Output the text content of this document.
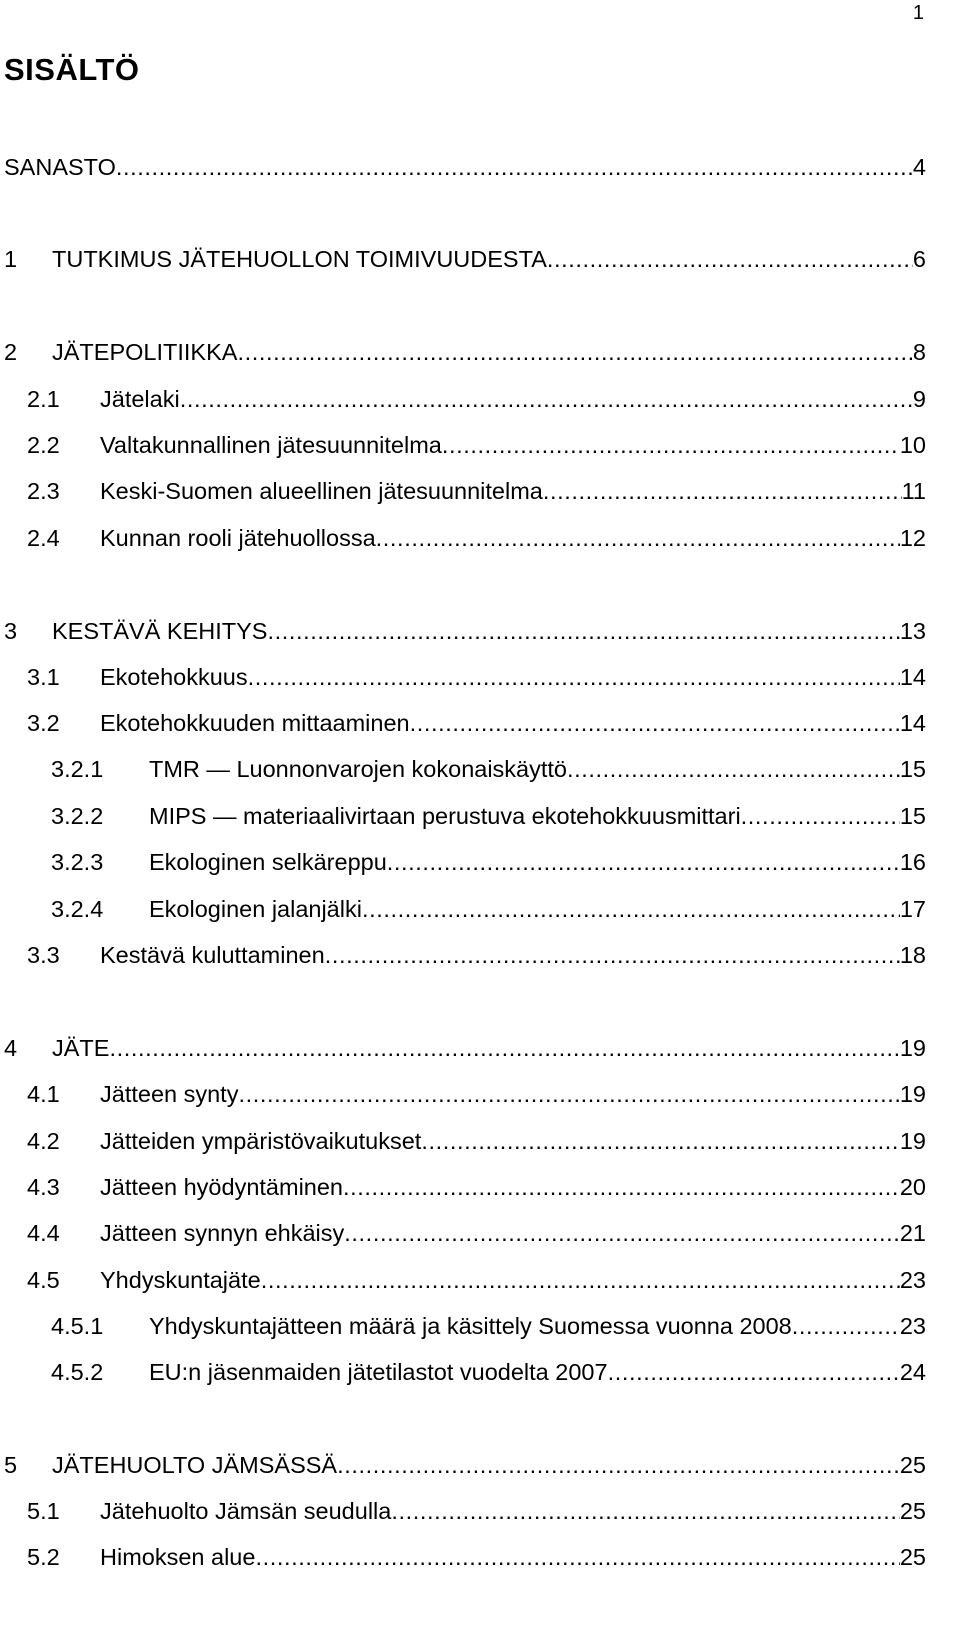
1
SISÄLTÖ
SANASTO .....	4
1 TUTKIMUS JÄTEHUOLLON TOIMIVUUDESTA .....	6
2 JÄTEPOLITIIKKA .....	8
2.1 Jätelaki .....	9
2.2 Valtakunnallinen jätesuunnitelma .....	10
2.3 Keski-Suomen alueellinen jätesuunnitelma .....	11
2.4 Kunnan rooli jätehuollossa .....	12
3 KESTÄVÄ KEHITYS .....	13
3.1 Ekotehokkuus .....	14
3.2 Ekotehokkuuden mittaaminen .....	14
3.2.1 TMR — Luonnonvarojen kokonaiskäyttö .....	15
3.2.2 MIPS — materiaalivirtaan perustuva ekotehokkuusmittari .....	15
3.2.3 Ekologinen selkäreppu .....	16
3.2.4 Ekologinen jalanjälki .....	17
3.3 Kestävä kuluttaminen .....	18
4 JÄTE .....	19
4.1 Jätteen synty .....	19
4.2 Jätteiden ympäristövaikutukset .....	19
4.3 Jätteen hyödyntäminen .....	20
4.4 Jätteen synnyn ehkäisy .....	21
4.5 Yhdyskuntajäte .....	23
4.5.1 Yhdyskuntajätteen määrä ja käsittely Suomessa vuonna 2008 .....	23
4.5.2 EU:n jäsenmaiden jätetilastot vuodelta 2007 .....	24
5 JÄTEHUOLTO JÄMSÄSSÄ .....	25
5.1 Jätehuolto Jämsän seudulla .....	25
5.2 Himoksen alue .....	25
